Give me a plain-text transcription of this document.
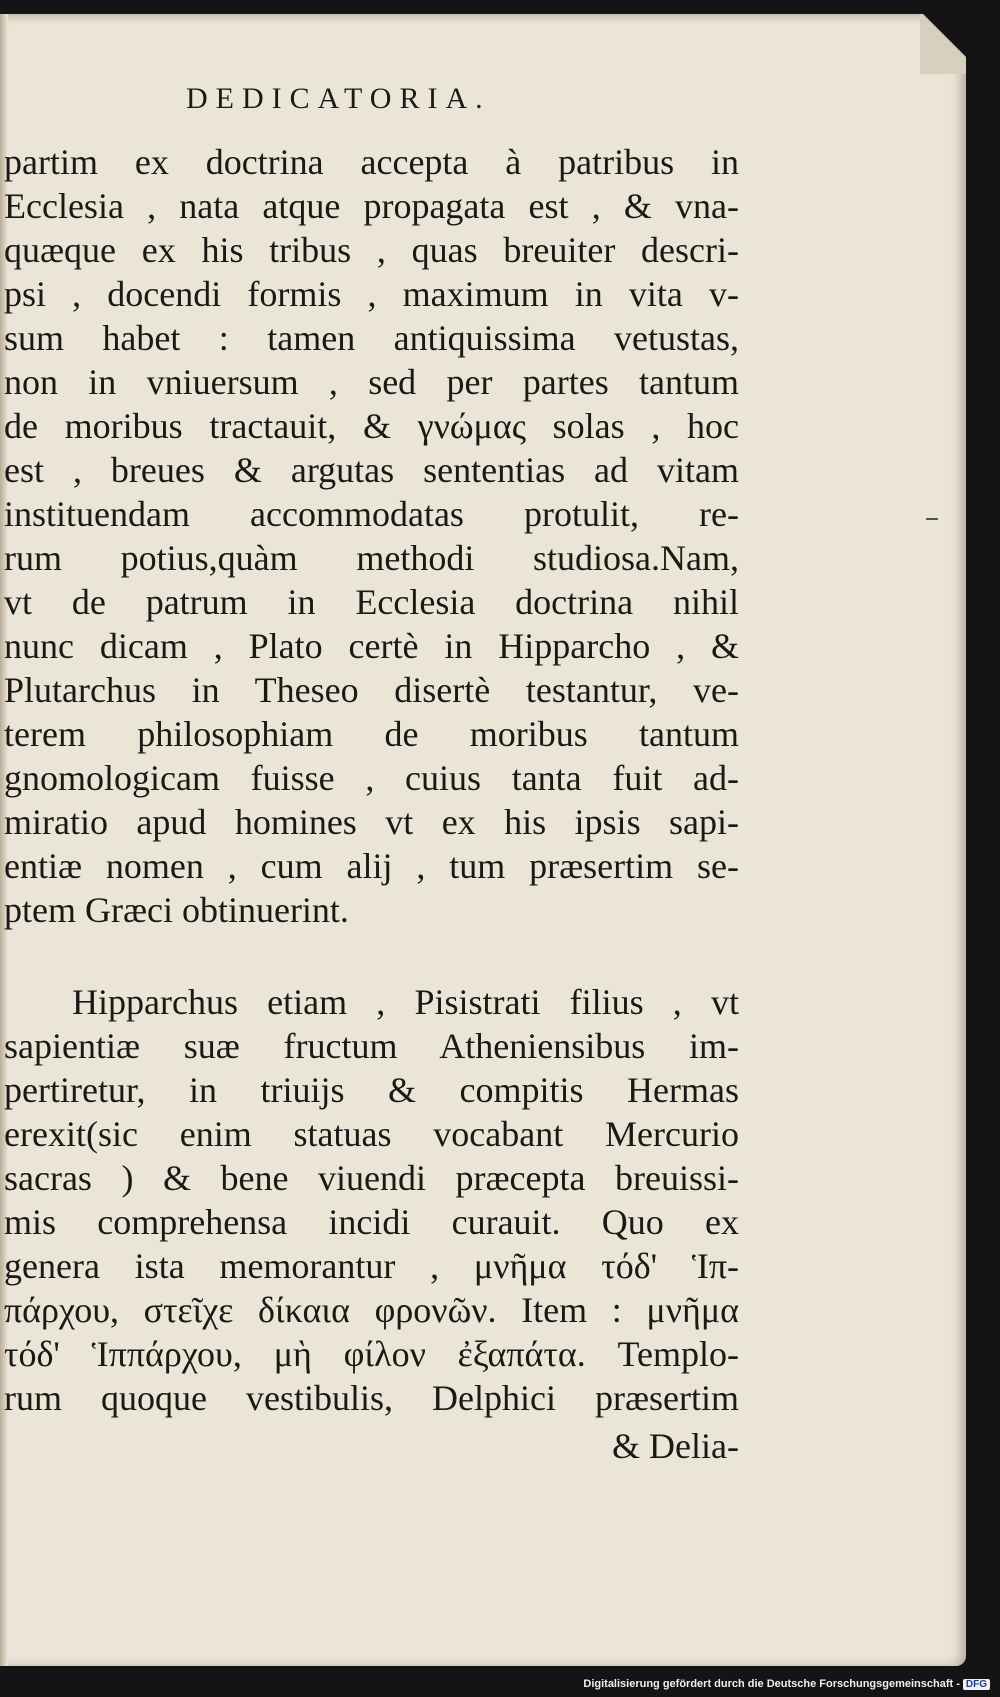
DEDICATORIA.
partim ex doctrina accepta à patribus in
Ecclesia , nata atque propagata est , & vna-
quæque ex his tribus , quas breuiter descri-
psi , docendi formis , maximum in vita v-
sum habet : tamen antiquissima vetustas,
non in vniuersum , sed per partes tantum
de moribus tractauit, & γνώμας solas , hoc
est , breues & argutas sententias ad vitam
instituendam accommodatas protulit, re-
rum potius,quàm methodi studiosa.Nam,
vt de patrum in Ecclesia doctrina nihil
nunc dicam , Plato certè in Hipparcho , &
Plutarchus in Theseo disertè testantur, ve-
terem philosophiam de moribus tantum
gnomologicam fuisse , cuius tanta fuit ad-
miratio apud homines vt ex his ipsis sapi-
entiæ nomen , cum alij , tum præsertim se-
ptem Græci obtinuerint.
Hipparchus etiam , Pisistrati filius , vt
sapientiæ suæ fructum Atheniensibus im-
pertiretur, in triuijs & compitis Hermas
erexit(sic enim statuas vocabant Mercurio
sacras ) & bene viuendi præcepta breuissi-
mis comprehensa incidi curauit. Quo ex
genera ista memorantur , μνῆμα τόδ' Ἱπ-
πάρχου, στεῖχε δίκαια φρονῶν. Item : μνῆμα
τόδ' Ἱππάρχου, μὴ φίλον ἐξαπάτα. Templo-
rum quoque vestibulis, Delphici præsertim
& Delia-
Digitalisierung gefördert durch die Deutsche Forschungsgemeinschaft - DFG
